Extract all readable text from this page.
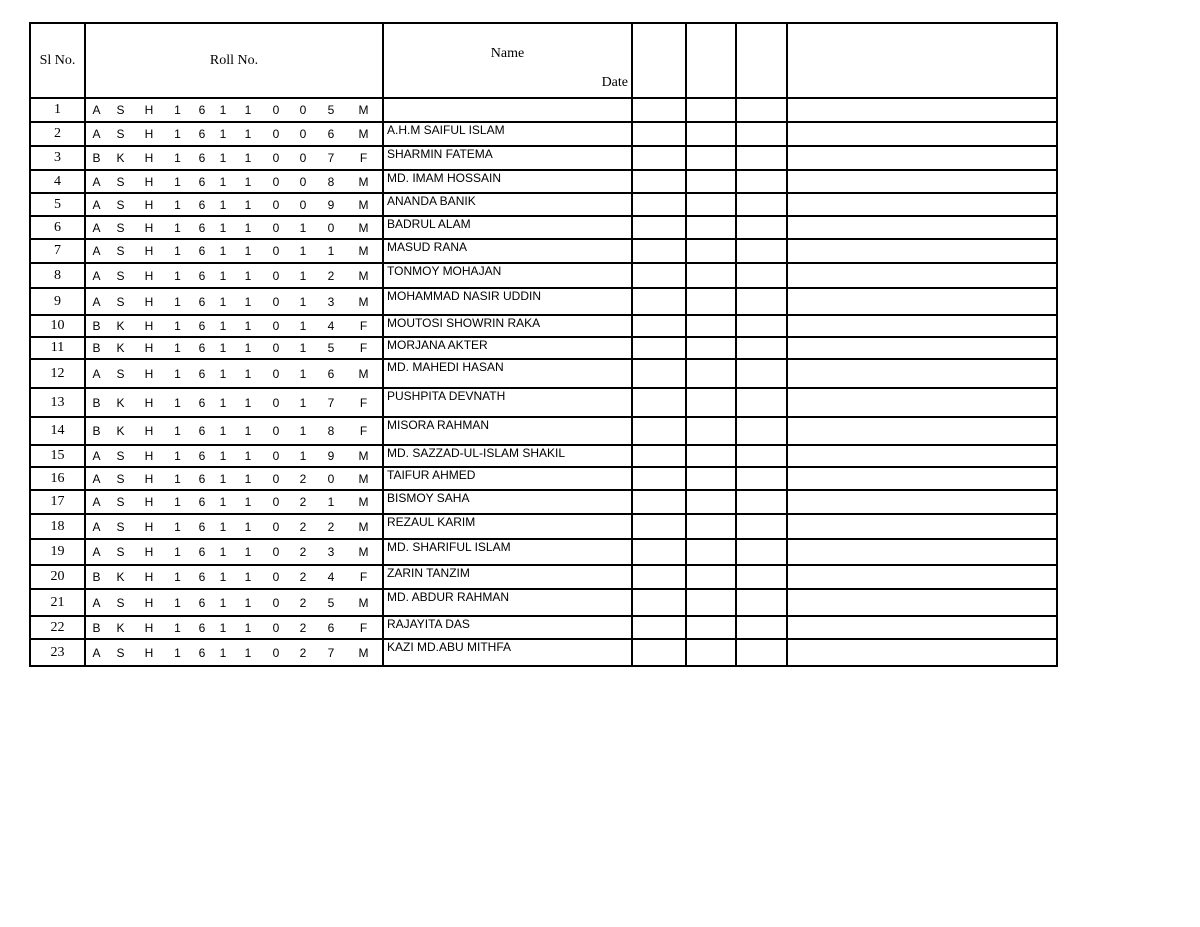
Sl No.	Roll No.											Name
Date				

1	A	S	H	1	6	1	1	0	0	5	M					
2	A	S	H	1	6	1	1	0	0	6	M	A.H.M SAIFUL ISLAM				
3	B	K	H	1	6	1	1	0	0	7	F	SHARMIN FATEMA				
4	A	S	H	1	6	1	1	0	0	8	M	MD. IMAM HOSSAIN				
5	A	S	H	1	6	1	1	0	0	9	M	ANANDA BANIK				
6	A	S	H	1	6	1	1	0	1	0	M	BADRUL ALAM				
7	A	S	H	1	6	1	1	0	1	1	M	MASUD RANA				
8	A	S	H	1	6	1	1	0	1	2	M	TONMOY MOHAJAN				
9	A	S	H	1	6	1	1	0	1	3	M	MOHAMMAD NASIR UDDIN				
10	B	K	H	1	6	1	1	0	1	4	F	MOUTOSI SHOWRIN RAKA				
11	B	K	H	1	6	1	1	0	1	5	F	MORJANA AKTER				
12	A	S	H	1	6	1	1	0	1	6	M	MD. MAHEDI HASAN				
13	B	K	H	1	6	1	1	0	1	7	F	PUSHPITA DEVNATH				
14	B	K	H	1	6	1	1	0	1	8	F	MISORA RAHMAN				
15	A	S	H	1	6	1	1	0	1	9	M	MD. SAZZAD-UL-ISLAM SHAKIL				
16	A	S	H	1	6	1	1	0	2	0	M	TAIFUR AHMED				
17	A	S	H	1	6	1	1	0	2	1	M	BISMOY SAHA				
18	A	S	H	1	6	1	1	0	2	2	M	REZAUL KARIM				
19	A	S	H	1	6	1	1	0	2	3	M	MD. SHARIFUL ISLAM				
20	B	K	H	1	6	1	1	0	2	4	F	ZARIN TANZIM				
21	A	S	H	1	6	1	1	0	2	5	M	MD. ABDUR RAHMAN				
22	B	K	H	1	6	1	1	0	2	6	F	RAJAYITA DAS				
23	A	S	H	1	6	1	1	0	2	7	M	KAZI MD.ABU MITHFA				
